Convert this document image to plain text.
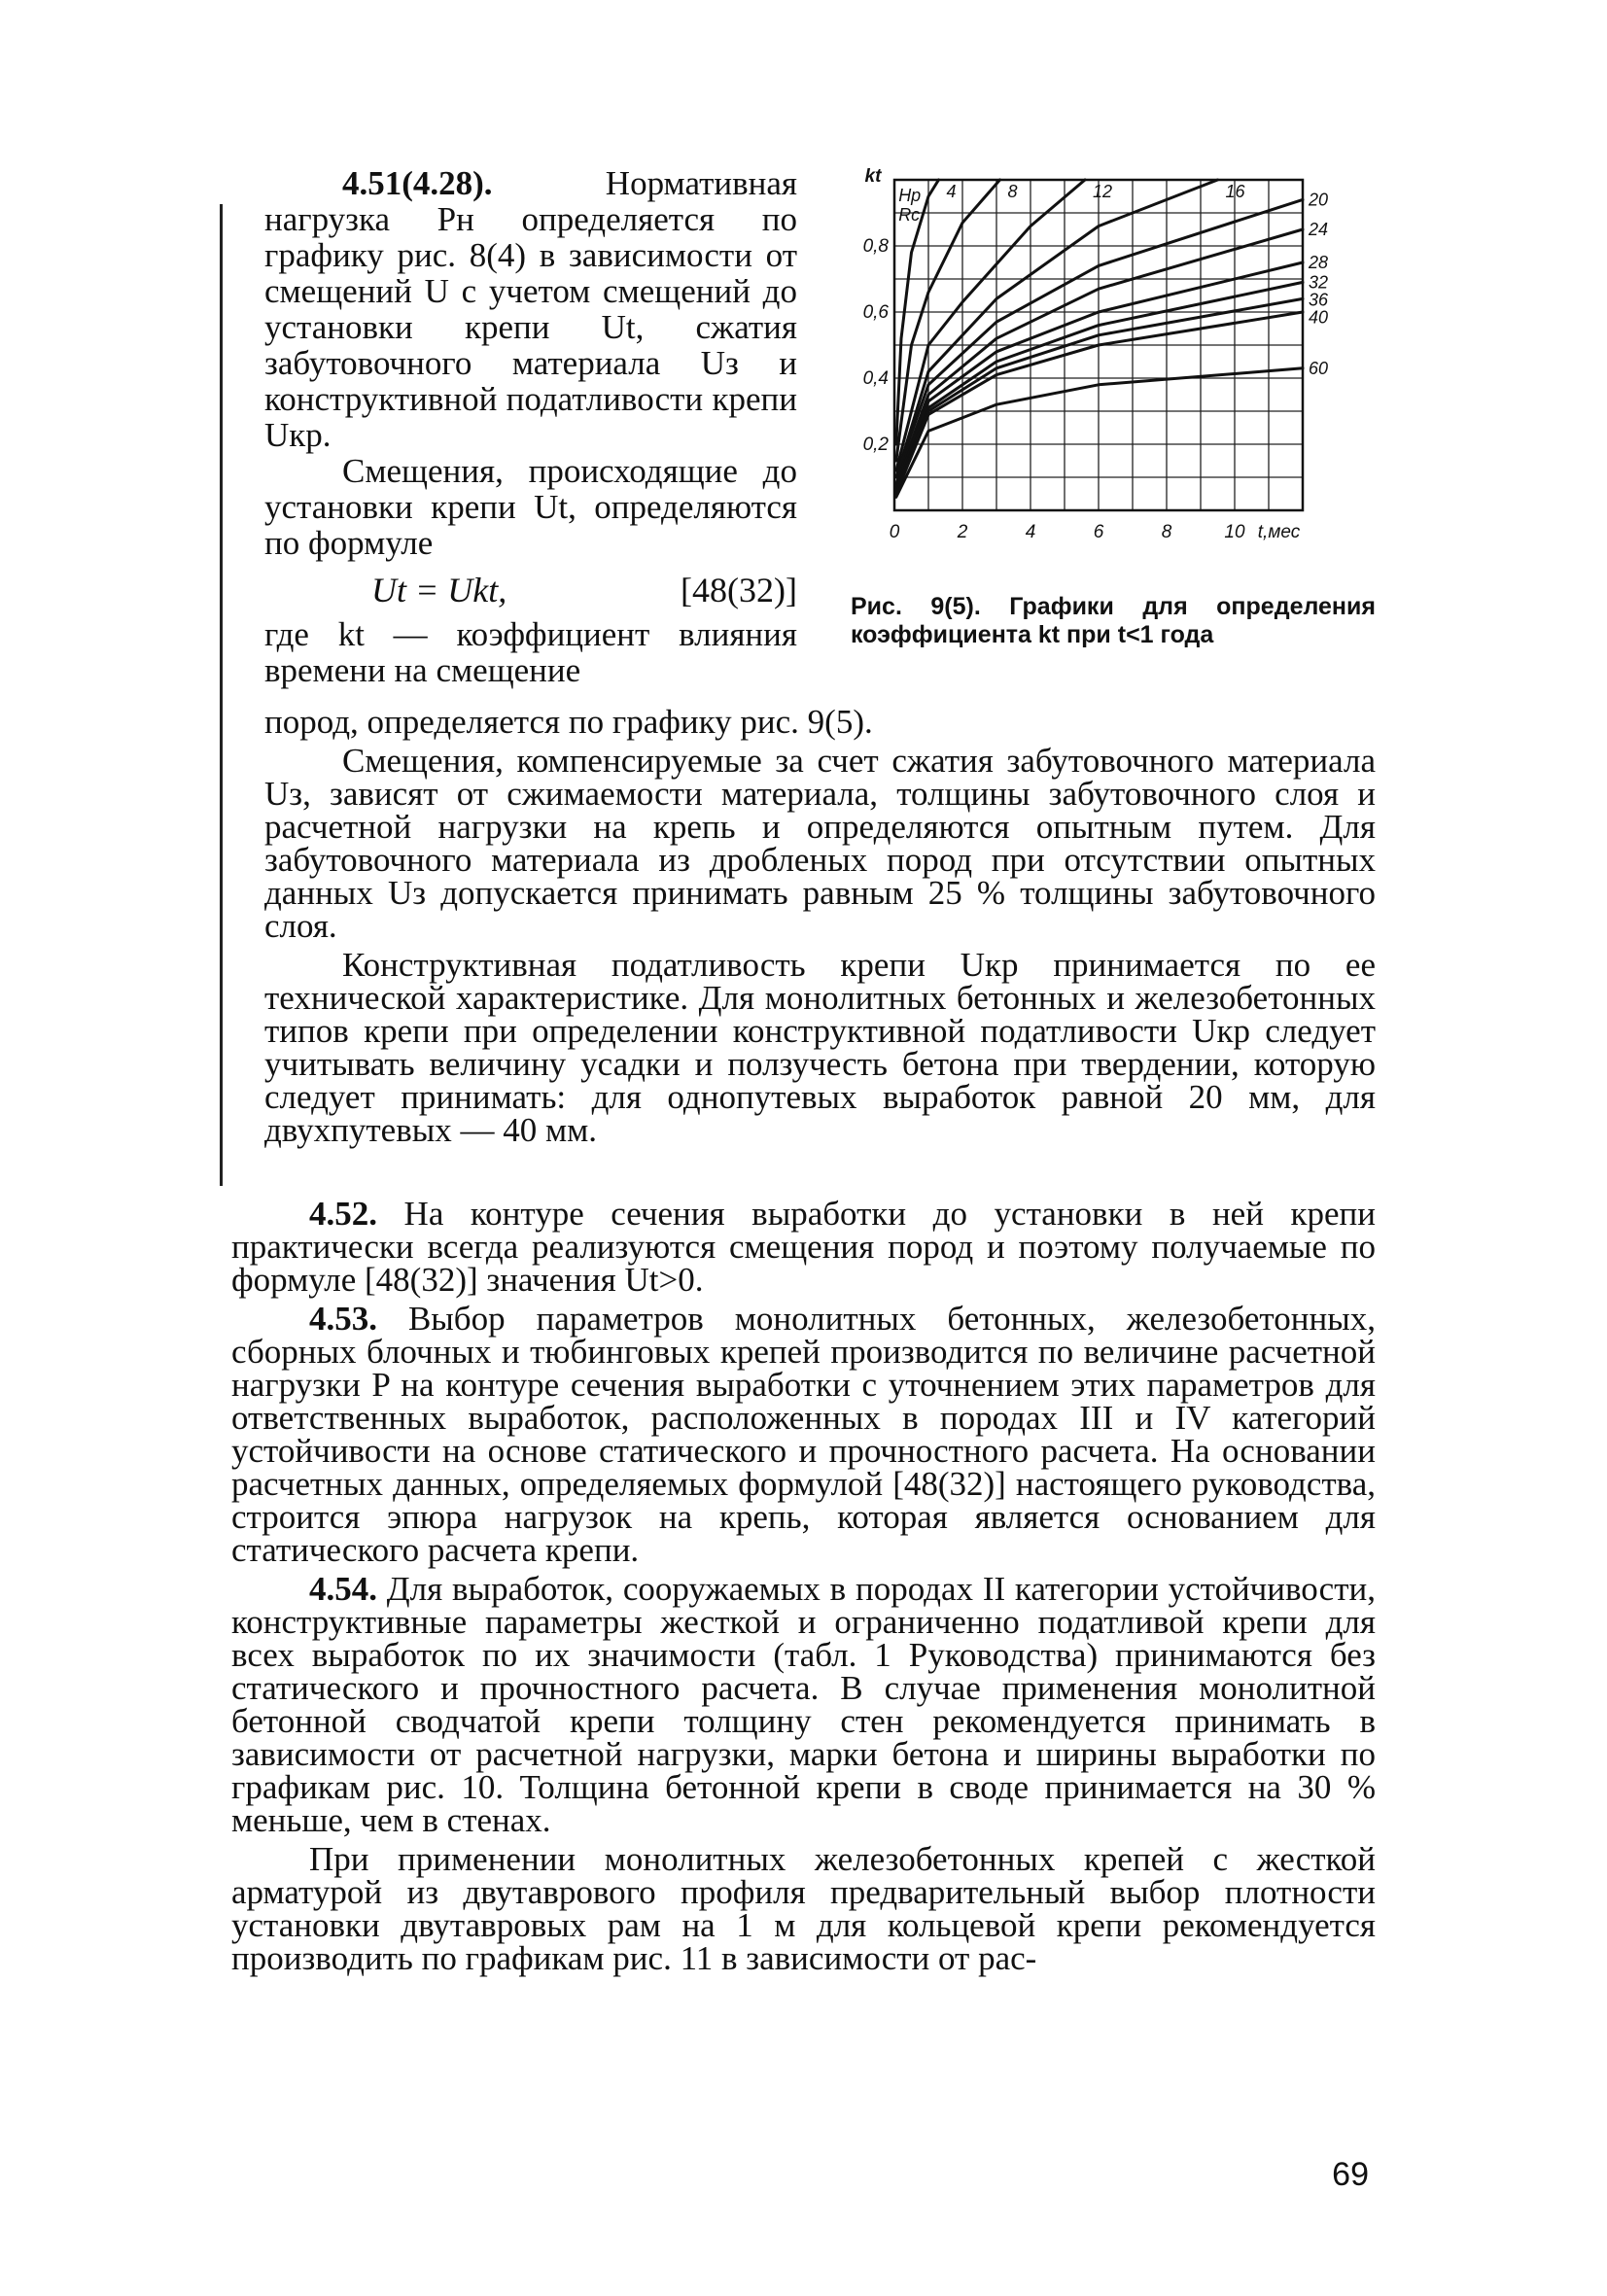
4.51(4.28). Нормативная нагрузка Pн определяется по графику рис. 8(4) в зависимости от смещений U с учетом смещений до установки крепи Ut, сжатия забутовочного материала Uз и конструктивной податливости крепи Uкр.

Смещения, происходящие до установки крепи Ut, определяются по формуле

Ut = Ukt,	[48(32)]

где kt — коэффициент влияния времени на смещение

0,8
0,6
0,4
0,2
0	2	4	6	8	10 t,мес
kt
Hp
Rc
4	8	12	16	20
24
28
32
36
40
60
Рис. 9(5). Графики для определения коэффициента kt при t<1 года

пород, определяется по графику рис. 9(5).

Смещения, компенсируемые за счет сжатия забутовочного материала Uз, зависят от сжимаемости материала, толщины забутовочного слоя и расчетной нагрузки на крепь и определяются опытным путем. Для забутовочного материала из дробленых пород при отсутствии опытных данных Uз допускается принимать равным 25 % толщины забутовочного слоя.

Конструктивная податливость крепи Uкр принимается по ее технической характеристике. Для монолитных бетонных и железобетонных типов крепи при определении конструктивной податливости Uкр следует учитывать величину усадки и ползучесть бетона при твердении, которую следует принимать: для однопутевых выработок равной 20 мм, для двухпутевых — 40 мм.

4.52. На контуре сечения выработки до установки в ней крепи практически всегда реализуются смещения пород и поэтому получаемые по формуле [48(32)] значения Ut>0.

4.53. Выбор параметров монолитных бетонных, железобетонных, сборных блочных и тюбинговых крепей производится по величине расчетной нагрузки P на контуре сечения выработки с уточнением этих параметров для ответственных выработок, расположенных в породах III и IV категорий устойчивости на основе статического и прочностного расчета. На основании расчетных данных, определяемых формулой [48(32)] настоящего руководства, строится эпюра нагрузок на крепь, которая является основанием для статического расчета крепи.

4.54. Для выработок, сооружаемых в породах II категории устойчивости, конструктивные параметры жесткой и ограниченно податливой крепи для всех выработок по их значимости (табл. 1 Руководства) принимаются без статического и прочностного расчета. В случае применения монолитной бетонной сводчатой крепи толщину стен рекомендуется принимать в зависимости от расчетной нагрузки, марки бетона и ширины выработки по графикам рис. 10. Толщина бетонной крепи в своде принимается на 30 % меньше, чем в стенах.

При применении монолитных железобетонных крепей с жесткой арматурой из двутаврового профиля предварительный выбор плотности установки двутавровых рам на 1 м для кольцевой крепи рекомендуется производить по графикам рис. 11 в зависимости от рас-

69
